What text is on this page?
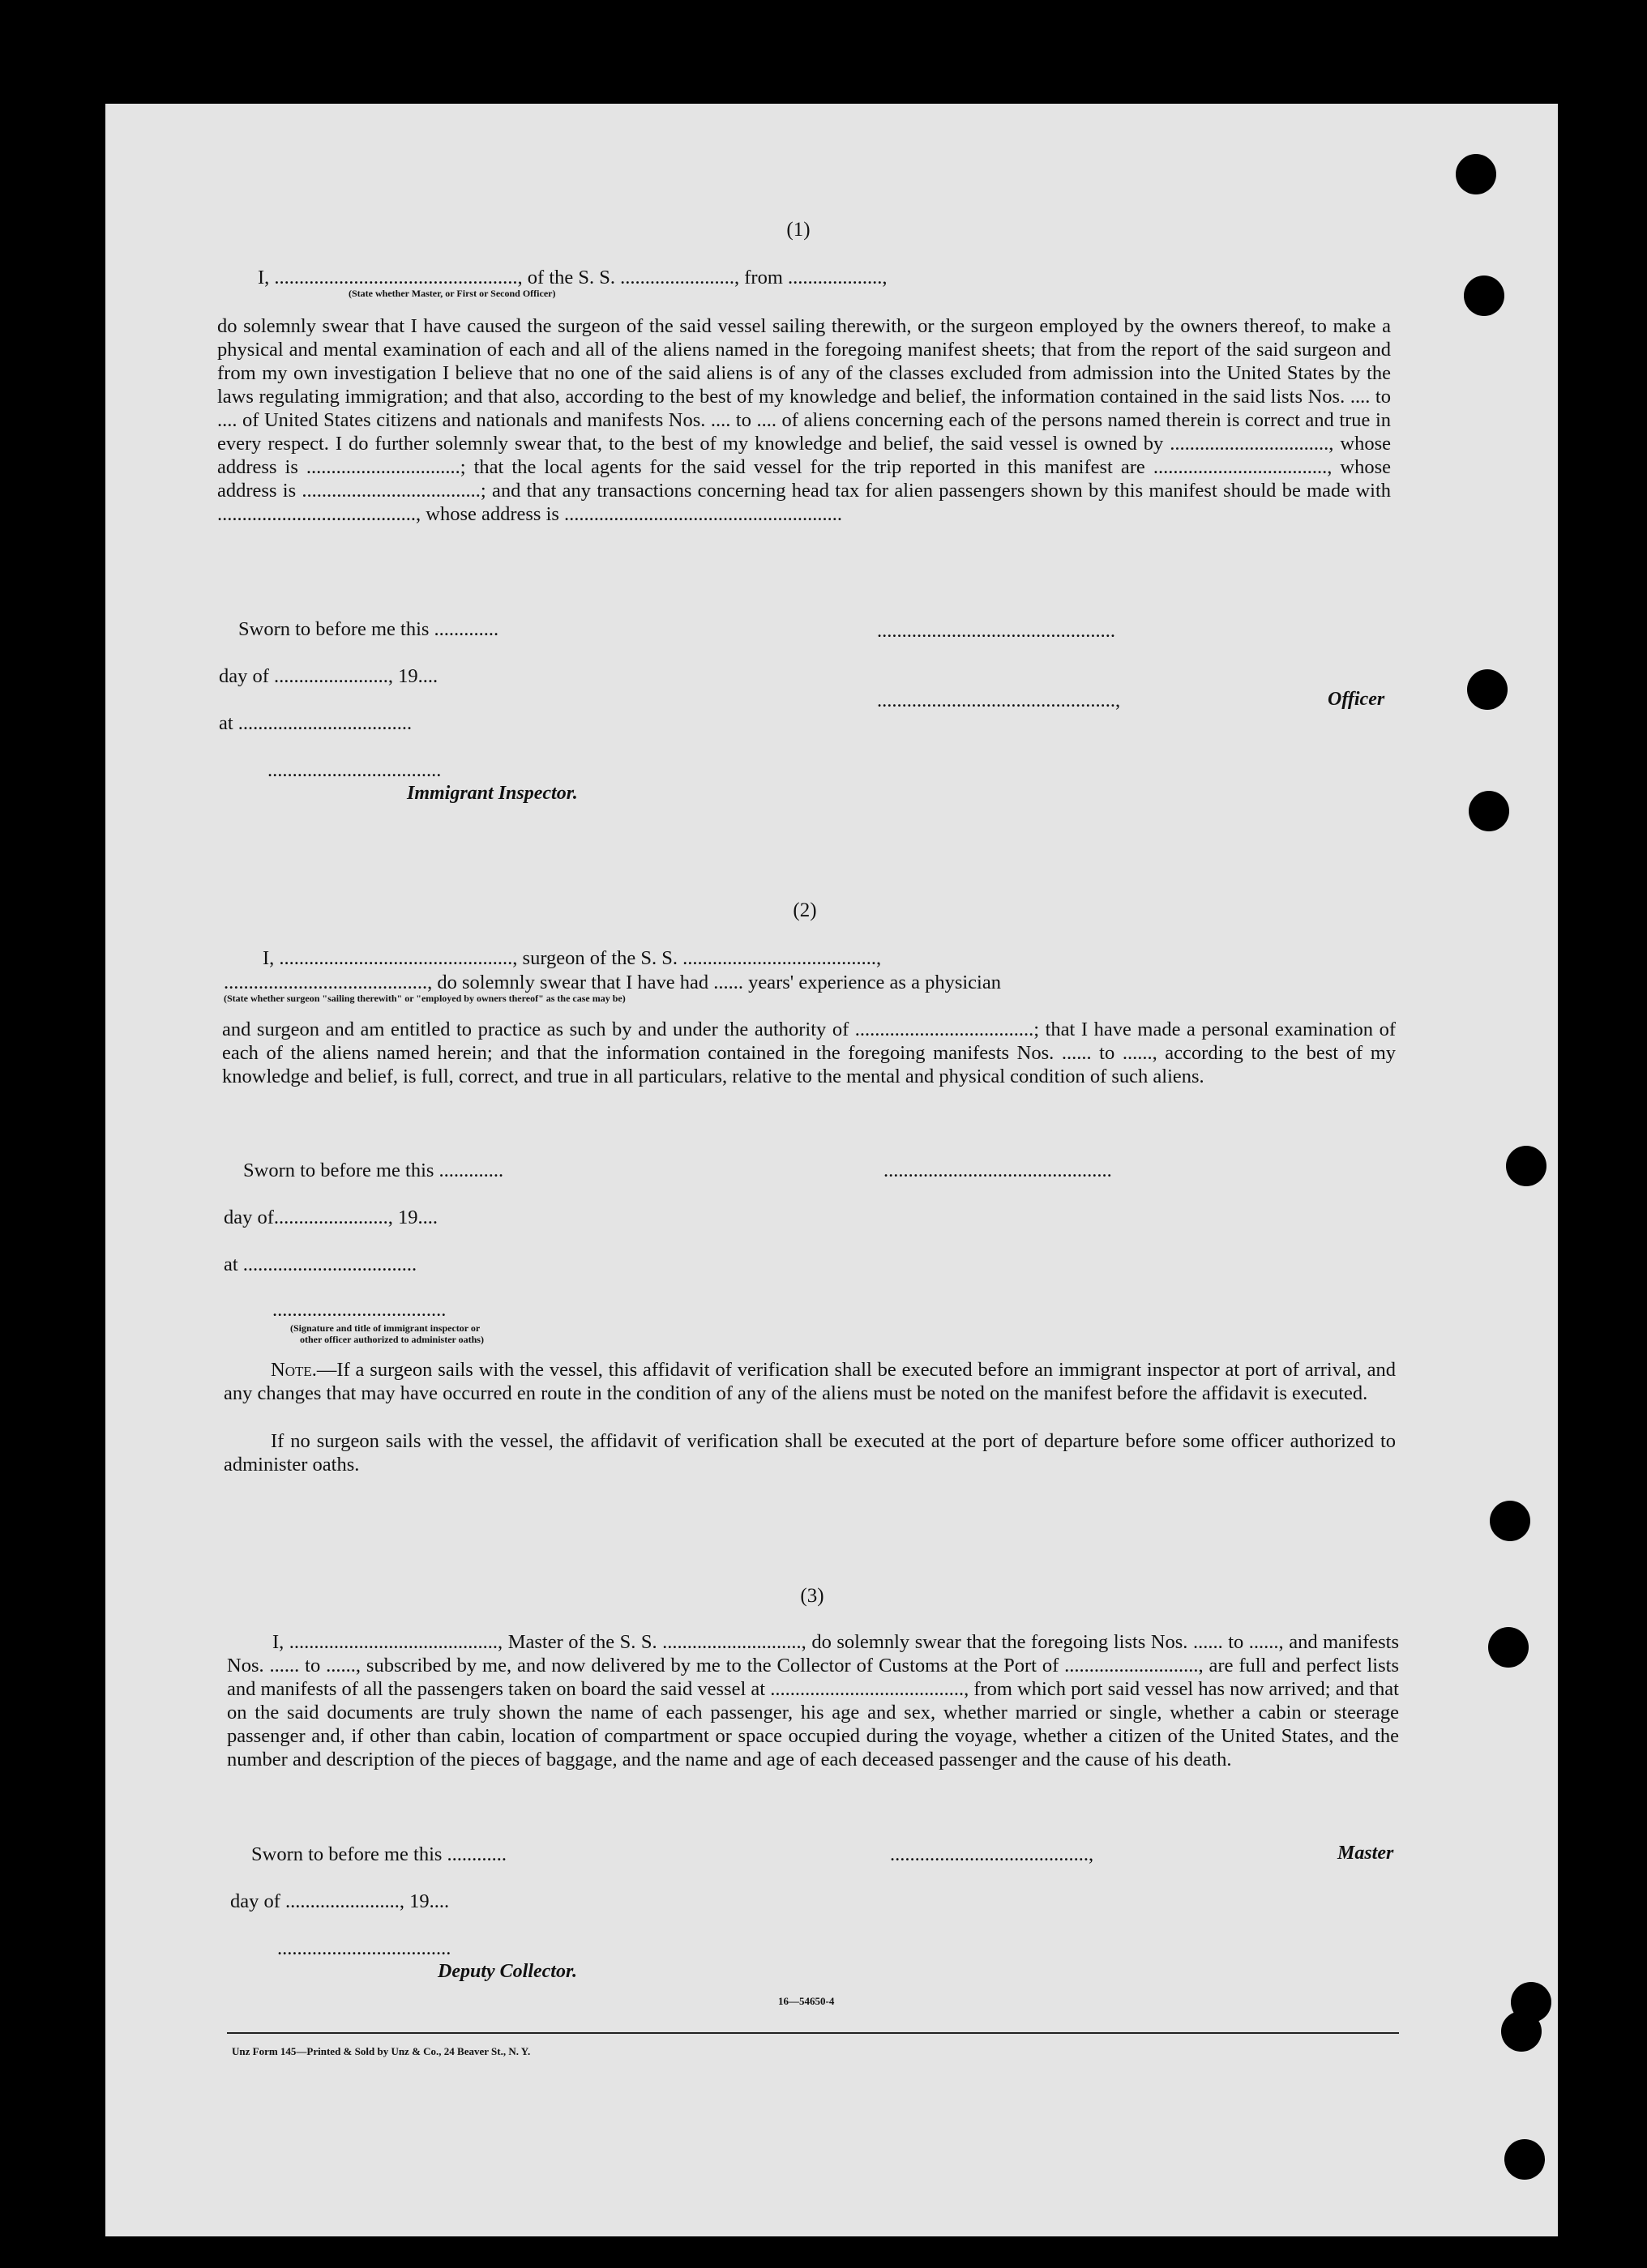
(1)
I, ................................................., of the S. S. ......................., from ...................,
(State whether Master, or First or Second Officer)
do solemnly swear that I have caused the surgeon of the said vessel sailing therewith, or the surgeon employed by the owners thereof, to make a physical and mental examination of each and all of the aliens named in the foregoing manifest sheets; that from the report of the said surgeon and from my own investigation I believe that no one of the said aliens is of any of the classes excluded from admission into the United States by the laws regulating immigration; and that also, according to the best of my knowledge and belief, the information contained in the said lists Nos. .... to .... of United States citizens and nationals and manifests Nos. .... to .... of aliens concerning each of the persons named therein is correct and true in every respect. I do further solemnly swear that, to the best of my knowledge and belief, the said vessel is owned by ................................, whose address is ...............................; that the local agents for the said vessel for the trip reported in this manifest are ..................................., whose address is ....................................; and that any transactions concerning head tax for alien passengers shown by this manifest should be made with ........................................, whose address is ........................................................
Sworn to before me this .............
day of ......................., 19....
at ...................................
...................................
Immigrant Inspector.
................................................
................................................,	Officer
(2)
I, ..............................................., surgeon of the S. S. .......................................,
........................................., do solemnly swear that I have had ...... years' experience as a physician
(State whether surgeon "sailing therewith" or "employed by owners thereof" as the case may be)
and surgeon and am entitled to practice as such by and under the authority of ....................................; that I have made a personal examination of each of the aliens named herein; and that the information contained in the foregoing manifests Nos. ...... to ......, according to the best of my knowledge and belief, is full, correct, and true in all particulars, relative to the mental and physical condition of such aliens.
Sworn to before me this .............
day of......................., 19....
at ...................................
...................................
(Signature and title of immigrant inspector or
other officer authorized to administer oaths)
..............................................
Note.—If a surgeon sails with the vessel, this affidavit of verification shall be executed before an immigrant inspector at port of arrival, and any changes that may have occurred en route in the condition of any of the aliens must be noted on the manifest before the affidavit is executed.
If no surgeon sails with the vessel, the affidavit of verification shall be executed at the port of departure before some officer authorized to administer oaths.
(3)
I, .........................................., Master of the S. S. ............................, do solemnly swear that the foregoing lists Nos. ...... to ......, and manifests Nos. ...... to ......, subscribed by me, and now delivered by me to the Collector of Customs at the Port of ..........................., are full and perfect lists and manifests of all the passengers taken on board the said vessel at ......................................., from which port said vessel has now arrived; and that on the said documents are truly shown the name of each passenger, his age and sex, whether married or single, whether a cabin or steerage passenger and, if other than cabin, location of compartment or space occupied during the voyage, whether a citizen of the United States, and the number and description of the pieces of baggage, and the name and age of each deceased passenger and the cause of his death.
Sworn to before me this ............
day of ......................., 19....
...................................
Deputy Collector.
........................................,	Master
16—54650-4
Unz Form 145—Printed & Sold by Unz & Co., 24 Beaver St., N. Y.
